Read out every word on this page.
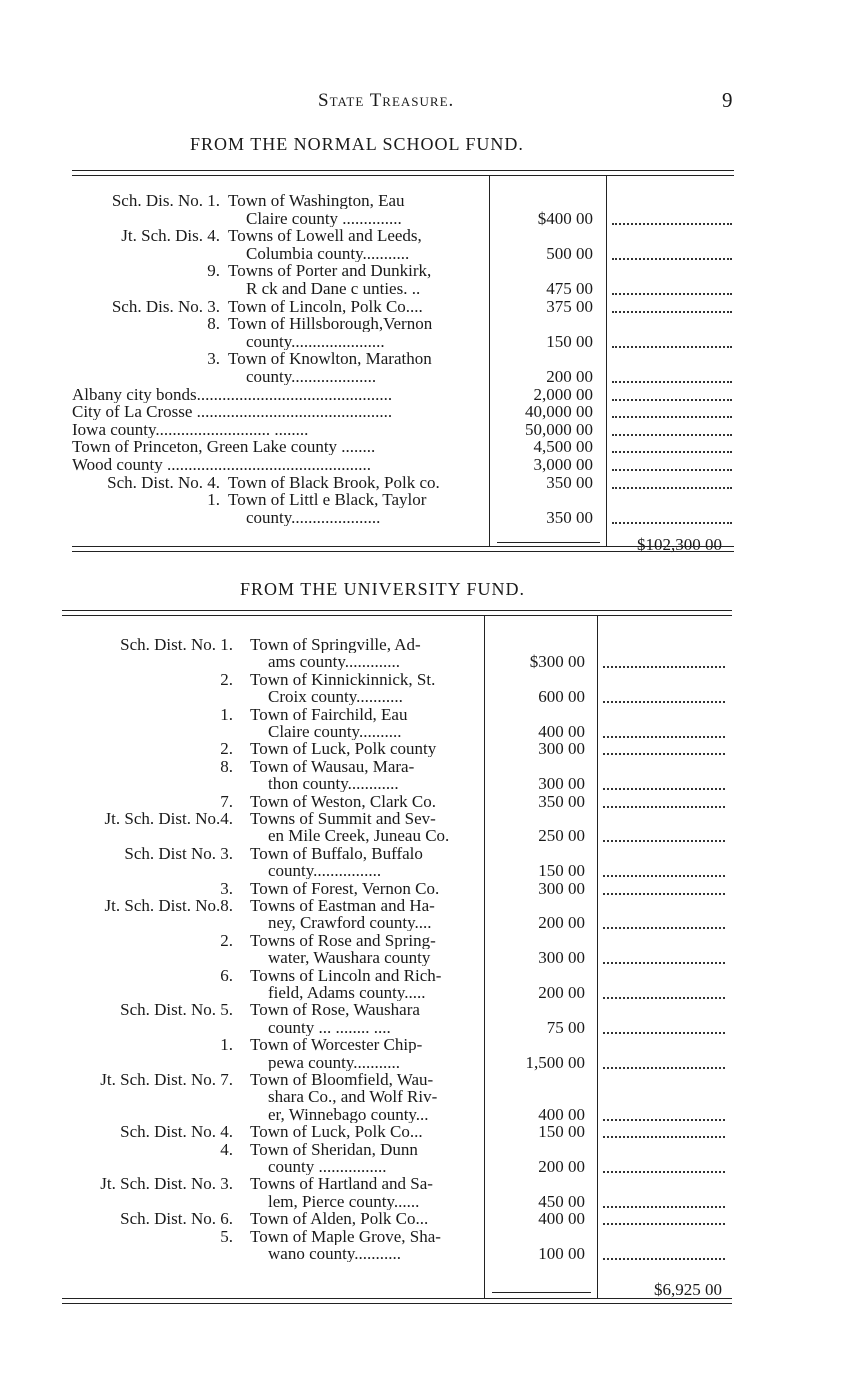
State Treasure.	9
FROM THE NORMAL SCHOOL FUND.
Sch. Dis. No. 1. Town of Washington, Eau
Claire county ..............	$400 00
Jt. Sch. Dis. 4. Towns of Lowell and Leeds,
Columbia county...........	500 00
9. Towns of Porter and Dunkirk,
R ck and Dane c unties. ..	475 00
Sch. Dis. No. 3. Town of Lincoln, Polk Co....	375 00
8. Town of Hillsborough,Vernon
county......................	150 00
3. Town of Knowlton, Marathon
county....................	200 00
Albany city bonds..............................................	2,000 00
City of La Crosse ..............................................	40,000 00
Iowa county........................... ........	50,000 00
Town of Princeton, Green Lake county ........	4,500 00
Wood county ................................................	3,000 00
Sch. Dist. No. 4. Town of Black Brook, Polk co.	350 00
1. Town of Littl e Black, Taylor
county.....................	350 00
$102,300 00
FROM THE UNIVERSITY FUND.
Sch. Dist. No. 1. Town of Springville, Ad-
ams county.............	$300 00
2. Town of Kinnickinnick, St.
Croix county...........	600 00
1. Town of Fairchild, Eau
Claire county..........	400 00
2. Town of Luck, Polk county	300 00
8. Town of Wausau, Mara-
thon county............	300 00
7. Town of Weston, Clark Co.	350 00
Jt. Sch. Dist. No.4. Towns of Summit and Sev-
en Mile Creek, Juneau Co.	250 00
Sch. Dist No. 3. Town of Buffalo, Buffalo
county................	150 00
3. Town of Forest, Vernon Co.	300 00
Jt. Sch. Dist. No.8. Towns of Eastman and Ha-
ney, Crawford county....	200 00
2. Towns of Rose and Spring-
water, Waushara county	300 00
6. Towns of Lincoln and Rich-
field, Adams county.....	200 00
Sch. Dist. No. 5. Town of Rose, Waushara
county ... ........ ....	75 00
1. Town of Worcester Chip-
pewa county...........	1,500 00
Jt. Sch. Dist. No. 7. Town of Bloomfield, Wau-
shara Co., and Wolf Riv-
er, Winnebago county...	400 00
Sch. Dist. No. 4. Town of Luck, Polk Co...	150 00
4. Town of Sheridan, Dunn
county ................	200 00
Jt. Sch. Dist. No. 3. Towns of Hartland and Sa-
lem, Pierce county......	450 00
Sch. Dist. No. 6. Town of Alden, Polk Co...	400 00
5. Town of Maple Grove, Sha-
wano county...........	100 00
$6,925 00
